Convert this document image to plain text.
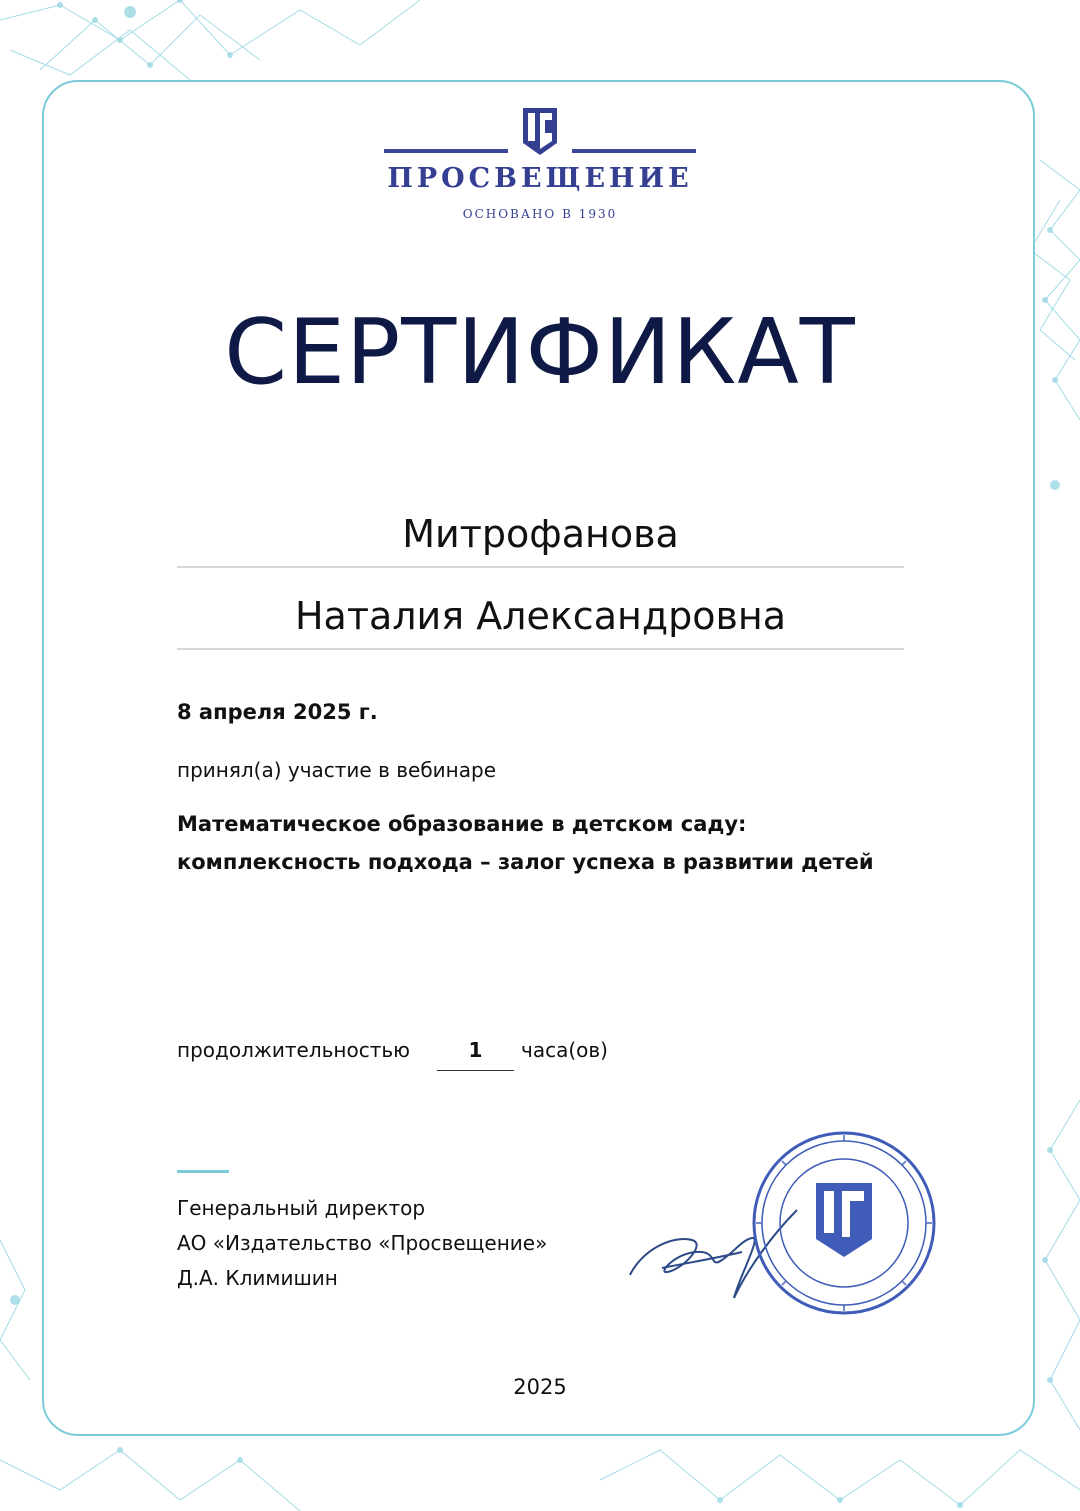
ПРОСВЕЩЕНИЕ
ОСНОВАНО В 1930
СЕРТИФИКАТ
Митрофанова
Наталия Александровна
8 апреля 2025 г.
принял(а) участие в вебинаре
Математическое образование в детском саду: комплексность подхода – залог успеха в развитии детей
продолжительностью	1	часа(ов)
Генеральный директор
АО «Издательство «Просвещение»
Д.А. Климишин
2025
